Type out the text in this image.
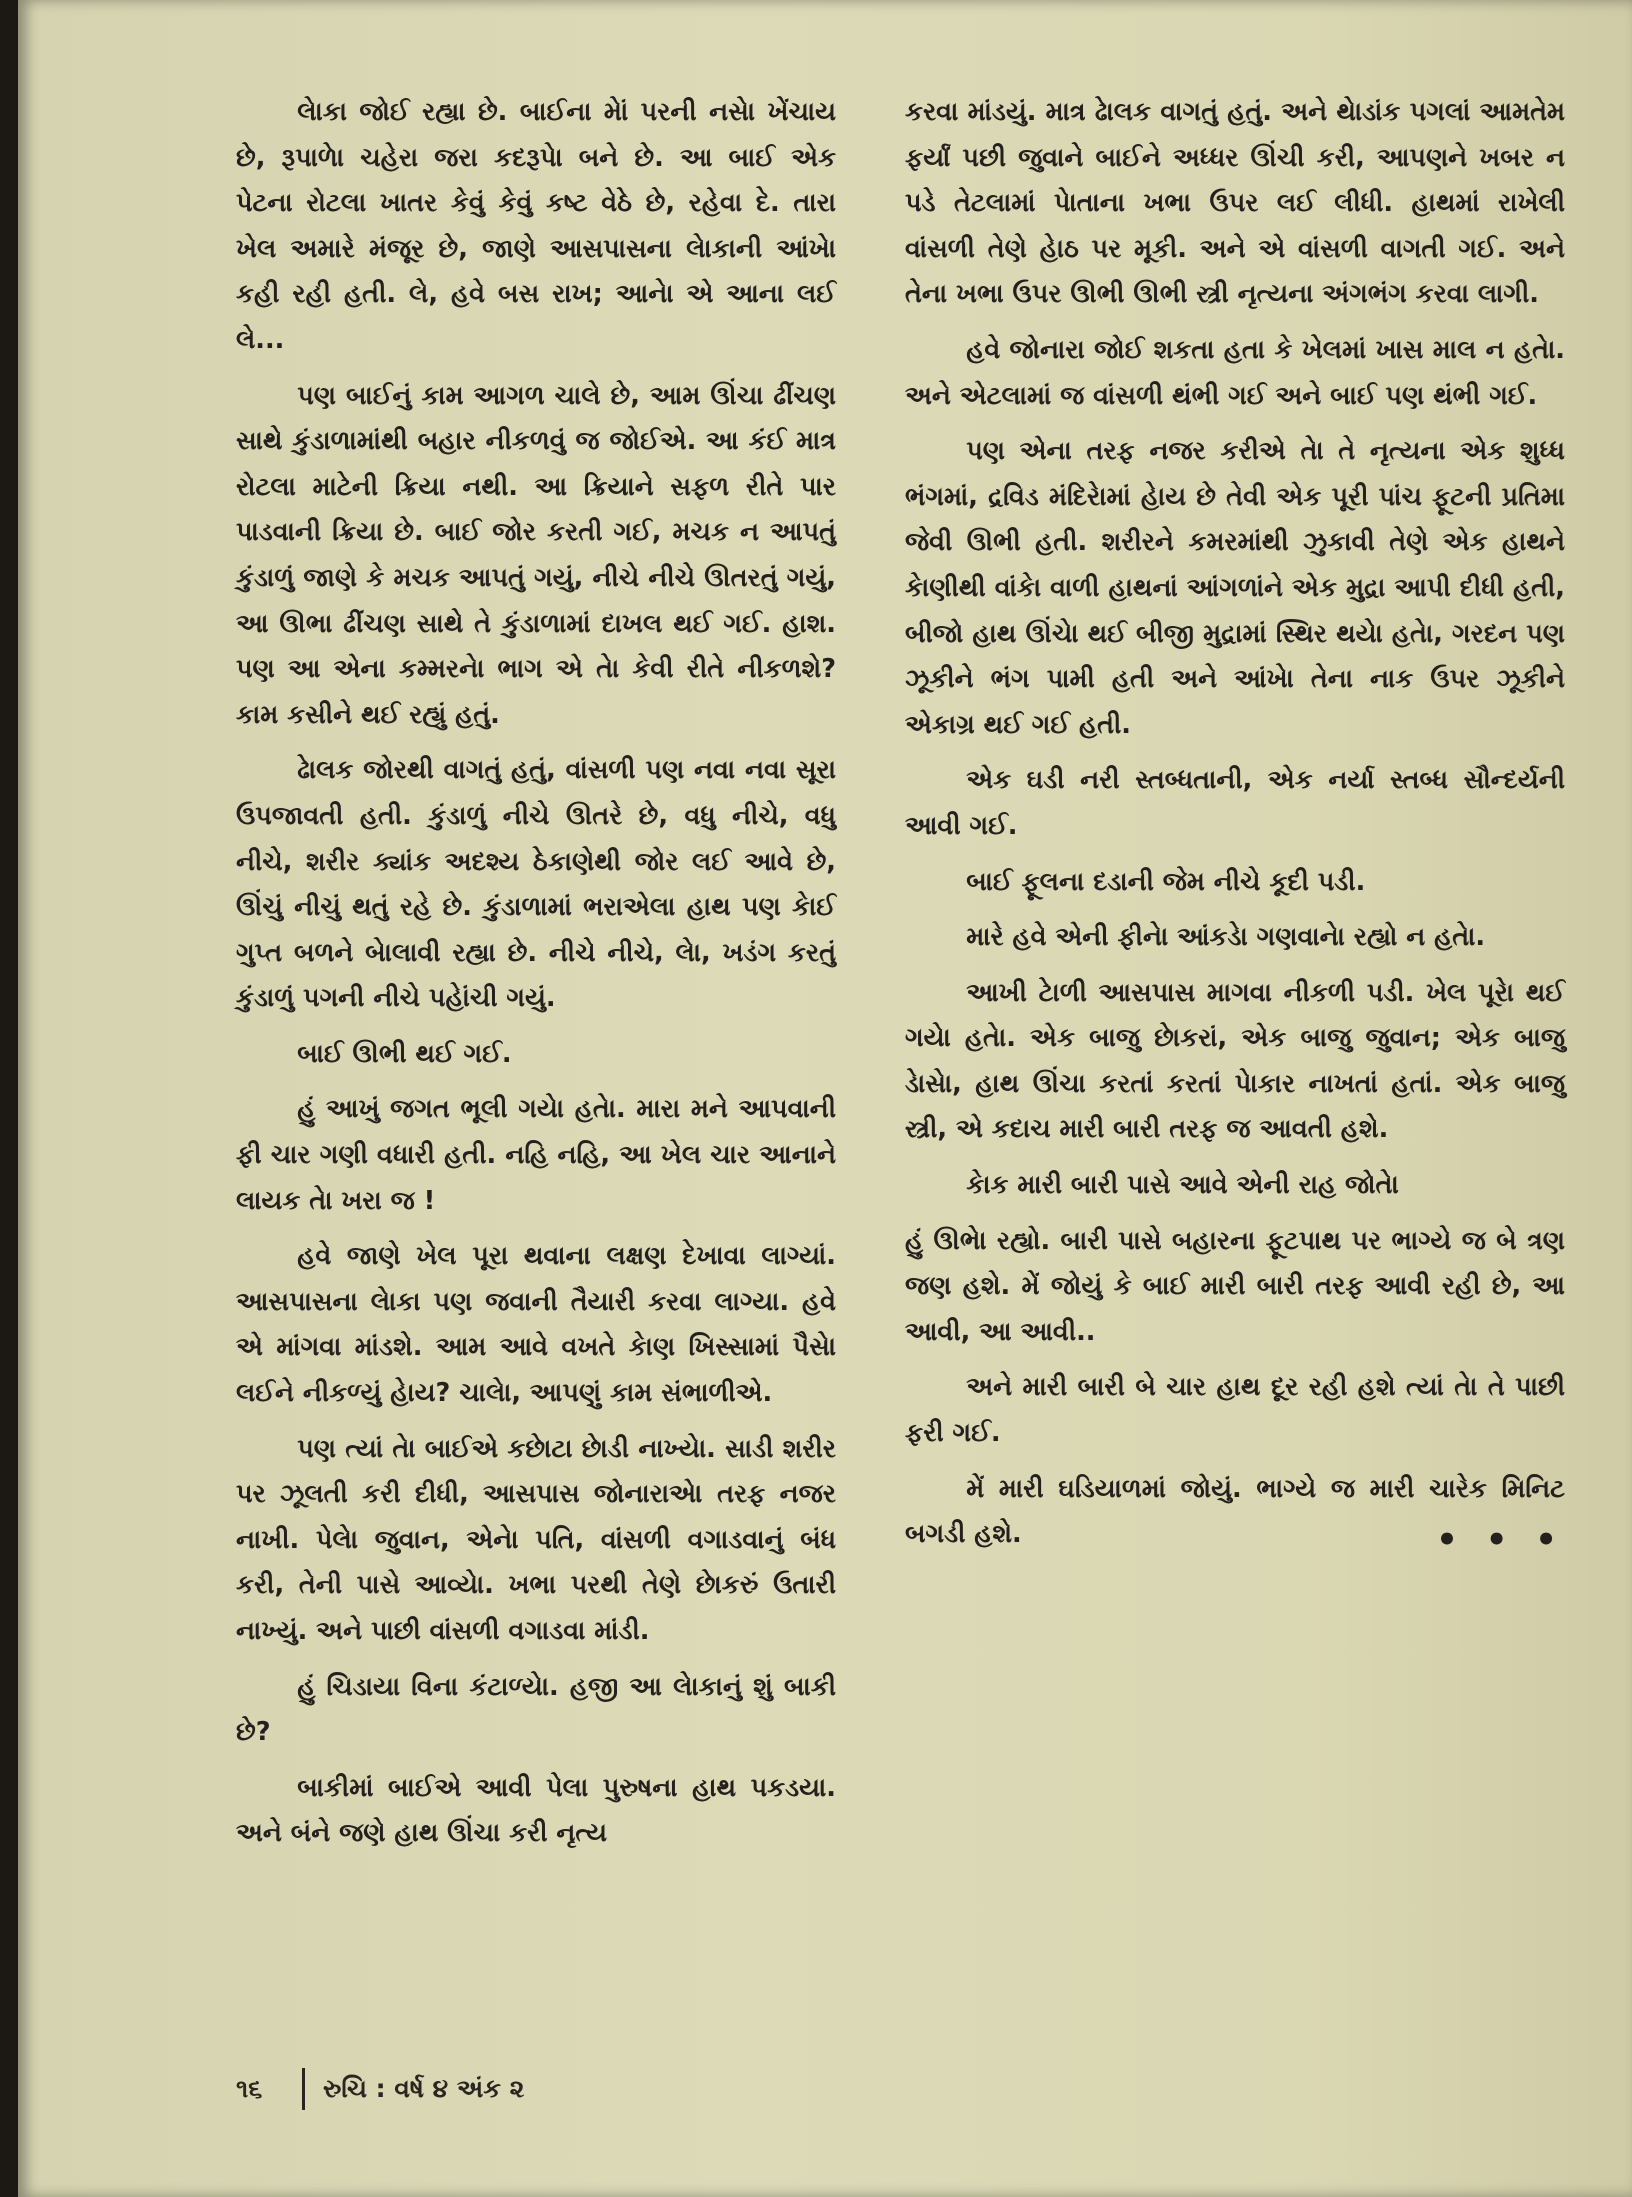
લેાકા જોઈ રહ્યા છે. બાઈના મેાં પરની નસેા ખેંચાય છે, રૂપાળેા ચહેરા જરા કદરૂપેા બને છે. આ બાઈ એક પેટના રોટલા ખાતર કેવું કેવું કષ્ટ વેઠે છે, રહેવા દે. તારા ખેલ અમારે મંજૂર છે, જાણે આસપાસના લેાકાની આંખેા કહી રહી હતી. લે, હવે બસ રાખ; આનેા એ આના લઈ લે...

પણ બાઈનું કામ આગળ ચાલે છે, આમ ઊંચા ઢીંચણ સાથે કુંડાળામાંથી બહાર નીકળવું જ જોઈએ. આ કંઈ માત્ર રોટલા માટેની ક્રિયા નથી. આ ક્રિયાને સફળ રીતે પાર પાડવાની ક્રિયા છે. બાઈ જોર કરતી ગઈ, મચક ન આપતું કુંડાળું જાણે કે મચક આપતું ગયું, નીચે નીચે ઊતરતું ગયું, આ ઊભા ઢીંચણ સાથે તે કુંડાળામાં દાખલ થઈ ગઈ. હાશ. પણ આ એના કમ્મરનેા ભાગ એ તેા કેવી રીતે નીકળશે? કામ કસીને થઈ રહ્યું હતું.

ઢેાલક જોરથી વાગતું હતું, વાંસળી પણ નવા નવા સૂરા ઉપજાવતી હતી. કુંડાળું નીચે ઊતરે છે, વધુ નીચે, વધુ નીચે, શરીર ક્યાંક અદશ્ય ઠેકાણેથી જોર લઈ આવે છે, ઊંચું નીચું થતું રહે છે. કુંડાળામાં ભરાએલા હાથ પણ કેાઈ ગુપ્ત બળને બેાલાવી રહ્યા છે. નીચે નીચે, લેા, ખડંગ કરતું કુંડાળું પગની નીચે પહેાંચી ગયું.

બાઈ ઊભી થઈ ગઈ.

હું આખું જગત ભૂલી ગયેા હતેા. મારા મને આપવાની ફી ચાર ગણી વધારી હતી. નહિ નહિ, આ ખેલ ચાર આનાને લાયક તેા ખરા જ !

હવે જાણે ખેલ પૂરા થવાના લક્ષણ દેખાવા લાગ્યાં. આસપાસના લેાકા પણ જવાની તૈયારી કરવા લાગ્યા. હવે એ માંગવા માંડશે. આમ આવે વખતે કેાણ ખિસ્સામાં પૈસેા લઈને નીકળ્યું હેાય? ચાલેા, આપણું કામ સંભાળીએ.

પણ ત્યાં તેા બાઈએ કછેાટા છેાડી નાખ્યેા. સાડી શરીર પર ઝૂલતી કરી દીધી, આસપાસ જોનારાએ। તરફ નજર નાખી. પેલેા જુવાન, એનેા પતિ, વાંસળી વગાડવાનું બંધ કરી, તેની પાસે આવ્યેા. ખભા પરથી તેણે છેાકરું ઉતારી નાખ્યું. અને પાછી વાંસળી વગાડવા માંડી.

હું ચિડાયા વિના કંટાળ્યેા. હજી આ લેાકાનું શું બાકી છે?

બાકીમાં બાઈએ આવી પેલા પુરુષના હાથ પકડયા. અને બંને જણે હાથ ઊંચા કરી નૃત્ય

કરવા માંડયું. માત્ર ઢેાલક વાગતું હતું. અને થેાડાંક પગલાં આમતેમ ફર્યાં પછી જુવાને બાઈને અધ્ધર ઊંચી કરી, આપણને ખબર ન પડે તેટલામાં પેાતાના ખભા ઉપર લઈ લીધી. હાથમાં રાખેલી વાંસળી તેણે હેાઠ પર મૂકી. અને એ વાંસળી વાગતી ગઈ. અને તેના ખભા ઉપર ઊભી ઊભી સ્ત્રી નૃત્યના અંગભંગ કરવા લાગી.

હવે જોનારા જોઈ શકતા હતા કે ખેલમાં ખાસ માલ ન હતેા. અને એટલામાં જ વાંસળી થંભી ગઈ અને બાઈ પણ થંભી ગઈ.

પણ એના તરફ નજર કરીએ તેા તે નૃત્યના એક શુધ્ધ ભંગમાં, દ્રવિડ મંદિરેામાં હેાય છે તેવી એક પૂરી પાંચ ફૂટની પ્રતિમા જેવી ઊભી હતી. શરીરને કમરમાંથી ઝુકાવી તેણે એક હાથને કેાણીથી વાંકેા વાળી હાથનાં આંગળાંને એક મુદ્રા આપી દીધી હતી, બીજો હાથ ઊંચેા થઈ બીજી મુદ્રામાં સ્થિર થયેા હતેા, ગરદન પણ ઝૂકીને ભંગ પામી હતી અને આંખેા તેના નાક ઉપર ઝૂકીને એકાગ્ર થઈ ગઈ હતી.

એક ઘડી નરી સ્તબ્ધતાની, એક નર્યા સ્તબ્ધ સૌન્દર્યની આવી ગઈ.

બાઈ ફૂલના દડાની જેમ નીચે કૂદી પડી.

મારે હવે એની ફીનેા આંકડેા ગણવાનેા રહ્યો ન હતેા.

આખી ટેાળી આસપાસ માગવા નીકળી પડી. ખેલ પૂરેા થઈ ગયેા હતેા. એક બાજુ છેાકરાં, એક બાજુ જુવાન; એક બાજુ ડેાસેા, હાથ ઊંચા કરતાં કરતાં પેાકાર નાખતાં હતાં. એક બાજુ સ્ત્રી, એ કદાચ મારી બારી તરફ જ આવતી હશે.

કેાક મારી બારી પાસે આવે એની રાહ જોતેા

હું ઊભેા રહ્યો. બારી પાસે બહારના ફૂટપાથ પર ભાગ્યે જ બે ત્રણ જણ હશે. મેં જોયું કે બાઈ મારી બારી તરફ આવી રહી છે, આ આવી, આ આવી..

અને મારી બારી બે ચાર હાથ દૂર રહી હશે ત્યાં તેા તે પાછી ફરી ગઈ.

મેં મારી ઘડિયાળમાં જોયું. ભાગ્યે જ મારી ચારેક મિનિટ બગડી હશે.	• • •

૧૬	રુચિ : વર્ષ ૪ અંક ૨
